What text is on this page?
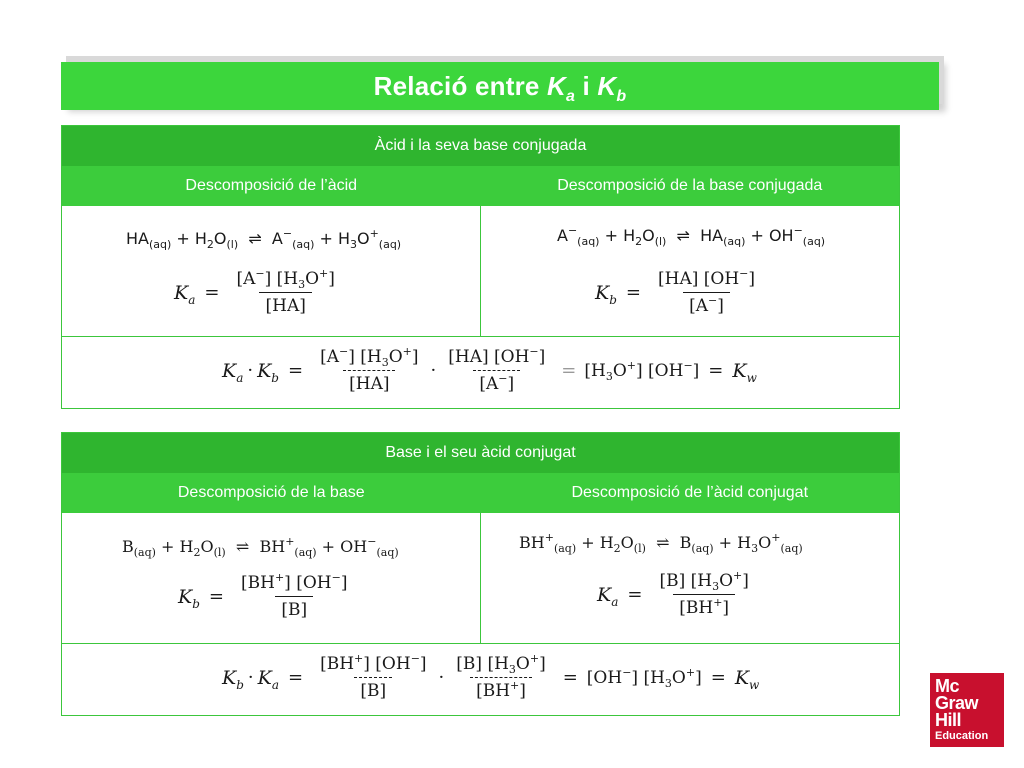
Relació entre $K_a$ i $K_b$
Àcid i la seva base conjugada
Descomposició de l’àcid	Descomposició de la base conjugada
$HA_{(aq)} + H_2O_{(l)}$  ⇌  $A^-_{(aq)} + H_3O^+_{(aq)}$
$K_a = \frac{[A^-] [H_3O^+]}{[HA]}$
$A^-_{(aq)} + H_2O_{(l)}$  ⇌  $HA_{(aq)} + OH^-_{(aq)}$
$K_b = \frac{[HA] [OH^-]}{[A^-]}$
$K_a \cdot K_b = \frac{[A^-] [H_3O^+]}{[HA]} \cdot \frac{[HA] [OH^-]}{[A^-]} = [H_3O^+] [OH^-] = K_w$
Base i el seu àcid conjugat
Descomposició de la base	Descomposició de l’àcid conjugat
$B_{(aq)} + H_2O_{(l)}$  ⇌  $BH^+_{(aq)} + OH^-_{(aq)}$
$K_b = \frac{[BH^+] [OH^-]}{[B]}$
$BH^+_{(aq)} + H_2O_{(l)}$  ⇌  $B_{(aq)} + H_3O^+_{(aq)}$
$K_a = \frac{[B] [H_3O^+]}{[BH^+]}$
$K_b \cdot K_a = \frac{[BH^+] [OH^-]}{[B]} \cdot \frac{[B] [H_3O^+]}{[BH^+]} = [OH^-] [H_3O^+] = K_w$	Mc
Graw
Hill
Education
